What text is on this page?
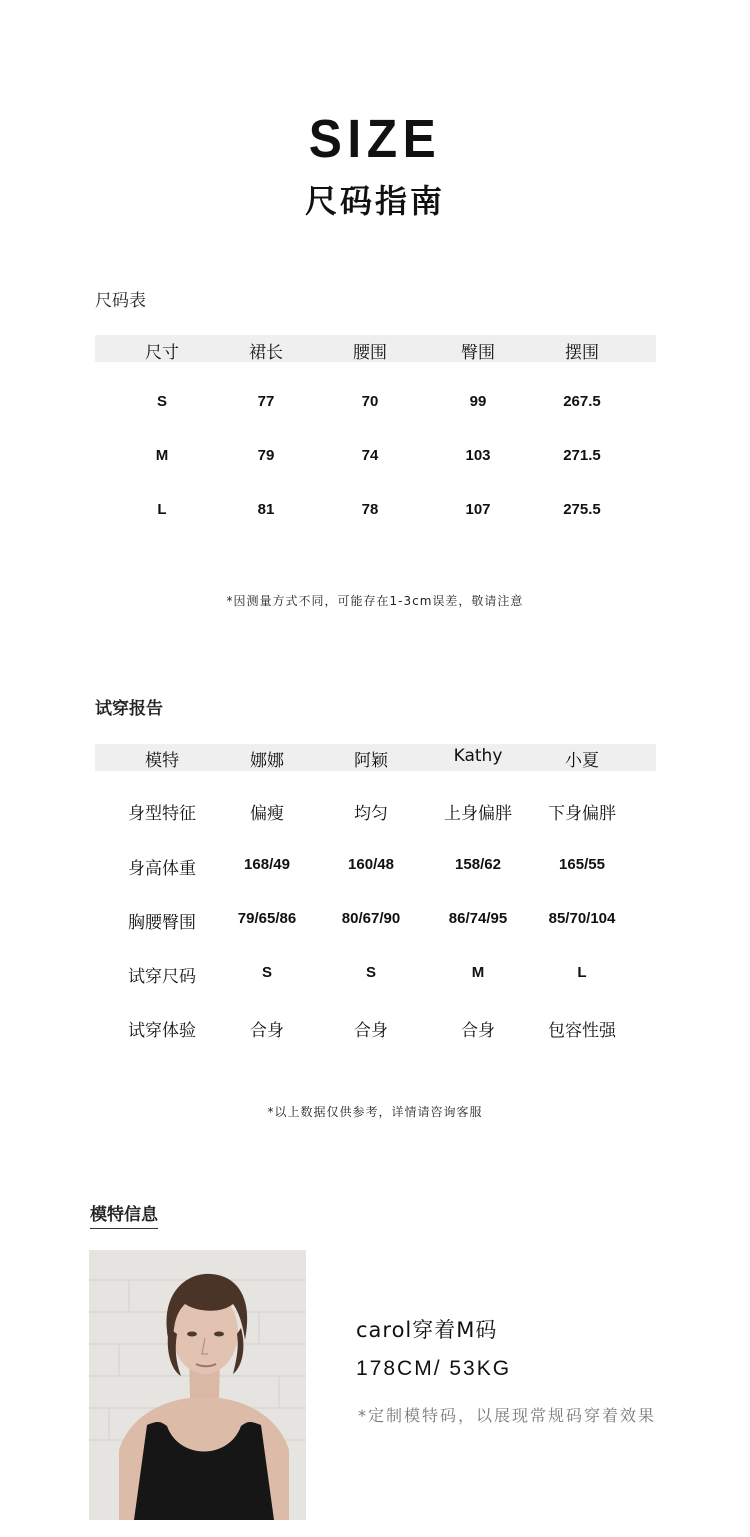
SIZE
尺码指南
尺码表
尺寸	裙长	腰围	臀围	摆围
S	77	70	99	267.5
M	79	74	103	271.5
L	81	78	107	275.5
*因测量方式不同，可能存在1-3cm误差，敬请注意
试穿报告
模特	娜娜	阿颖	Kathy	小夏
身型特征	偏瘦	均匀	上身偏胖	下身偏胖
身高体重	168/49	160/48	158/62	165/55
胸腰臀围	79/65/86	80/67/90	86/74/95	85/70/104
试穿尺码	S	S	M	L
试穿体验	合身	合身	合身	包容性强
*以上数据仅供参考，详情请咨询客服
模特信息
carol穿着M码
178CM/ 53KG
*定制模特码，以展现常规码穿着效果
